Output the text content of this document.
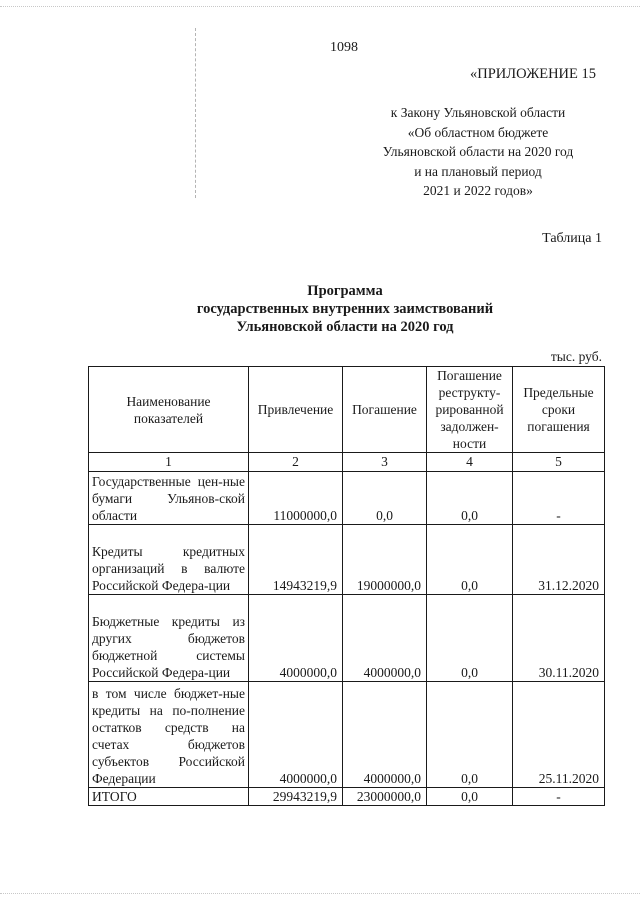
1098
«ПРИЛОЖЕНИЕ 15
к Закону Ульяновской области
«Об областном бюджете
Ульяновской области на 2020 год
и на плановый период
2021 и 2022 годов»
Таблица 1
Программа
государственных внутренних заимствований
Ульяновской области на 2020 год
тыс. руб.
Наименование показателей	Привлечение	Погашение	Погашение реструкту-рированной задолжен-ности	Предельные сроки погашения

1	2	3	4	5
Государственные цен-ные бумаги Ульянов-ской области	11000000,0	0,0	0,0	-
Кредиты кредитных организаций в валюте Российской Федера-ции	14943219,9	19000000,0	0,0	31.12.2020
Бюджетные кредиты из других бюджетов бюджетной системы Российской Федера-ции	4000000,0	4000000,0	0,0	30.11.2020
в том числе бюджет-ные кредиты на по-полнение остатков средств на счетах бюджетов субъектов Российской Федерации	4000000,0	4000000,0	0,0	25.11.2020
ИТОГО	29943219,9	23000000,0	0,0	-
